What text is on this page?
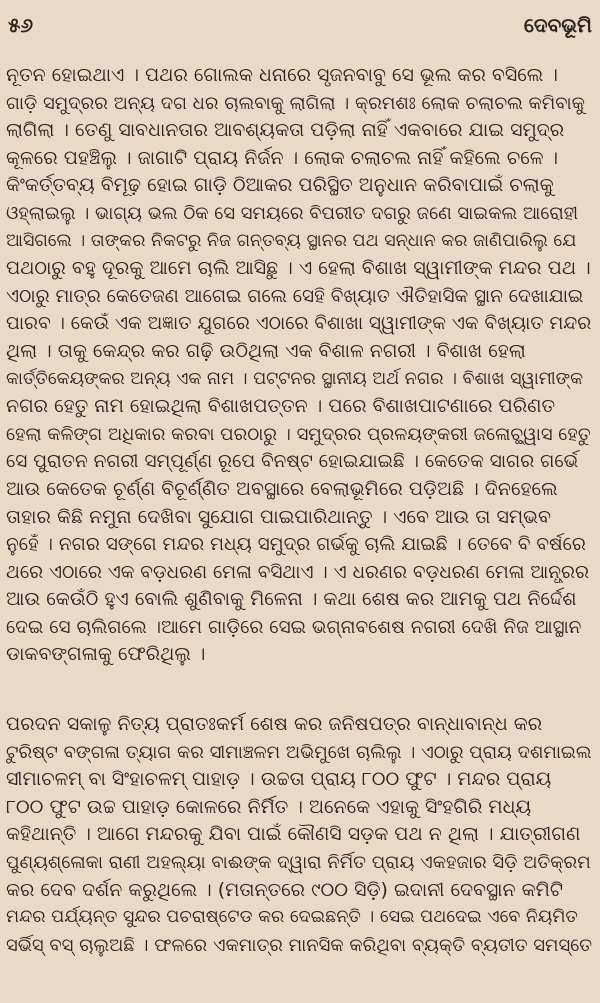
୫୬	ଦେବଭୂମି
ନୂତନ ହୋଇଥାଏ । ପଥର ଗୋଲକ ଧନାରେ ସୃଜନବାବୁ ସେ ଭୂଲ କର ବସିଲେ ।
ଗାଡ଼ି ସମୁଦ୍ରର ଅନ୍ୟ ଦଗ ଧର ଚାଲବାକୁ ଲାଗିଲା । କ୍ରମଶଃ ଲୋକ ଚଲାଚଲ କମିବାକୁ
ଲାଗିଲା । ତେଣୁ ସାବଧାନତାର ଆବଶ୍ୟକତା ପଡ଼ିଲା ନାହିଁ ଏକବାରେ ଯାଇ ସମୁଦ୍ର
କୂଳରେ ପହଞ୍ଚିଲୁ । ଜାଗାଟି ପ୍ରାୟ ନିର୍ଜନ । ଲୋକ ଚଲାଚଲ ନାହିଁ କହିଲେ ଚଳେ ।
କିଂକର୍ତ୍ତବ୍ୟ ବିମୂଢ଼ ହୋଇ ଗାଡ଼ି ଠିଆକର ପରିସ୍ଥିତ ଅନୁଧାନ କରିବାପାଇଁ ଚଲାକୁ
ଓହ୍ଲାଇଲୁ । ଭାଗ୍ୟ ଭଲ ଠିକ ସେ ସମୟରେ ବିପରୀତ ଦଗରୁ ଜଣେ ସାଇକଲ ଆରୋହୀ
ଆସିଗଲେ । ତାଙ୍କର ନିକଟରୁ ନିଜ ଗନ୍ତବ୍ୟ ସ୍ଥାନର ପଥ ସନ୍ଧାନ କର ଜାଣିପାରିଲୁ ଯେ
ପଥଠାରୁ ବହୁ ଦୂରକୁ ଆମେ ଚାଲି ଆସିଛୁ । ଏ ହେଲା ବିଶାଖ ସ୍ୱାମୀଙ୍କ ମନ୍ଦର ପଥ ।
ଏଠାରୁ ମାତ୍ର କେତେଜଣ ଆଗେଇ ଗଲେ ସେହି ବିଖ୍ୟାତ ଐତିହାସିକ ସ୍ଥାନ ଦେଖାଯାଇ
ପାରବ । କେଉଁ ଏକ ଅଜ୍ଞାତ ଯୁଗରେ ଏଠାରେ ବିଶାଖା ସ୍ୱାମୀଙ୍କ ଏକ ବିଖ୍ୟାତ ମନ୍ଦର
ଥିଲା । ତାକୁ କେନ୍ଦ୍ର କର ଗଢ଼ି ଉଠିଥିଲା ଏକ ବିଶାଳ ନଗରୀ । ବିଶାଖ ହେଲା
କାର୍ତ୍ତିକେୟଙ୍କର ଅନ୍ୟ ଏକ ନାମ । ପଟ୍ଟନର ସ୍ଥାନୀୟ ଅର୍ଥ ନଗର । ବିଶାଖ ସ୍ୱାମୀଙ୍କ
ନଗର ହେତୁ ନାମ ହୋଇଥିଲା ବିଶାଖପତ୍ତନ । ପରେ ବିଶାଖପାଟଣାରେ ପରିଣତ
ହେଲା କଳିଙ୍ଗ ଅଧିକାର କରବା ପରଠାରୁ । ସମୁଦ୍ରର ପ୍ରଳୟଙ୍କରୀ ଜଳୋଚ୍ଛ୍ୱାସ ହେତୁ
ସେ ପୁରାତନ ନଗରୀ ସମ୍ପୂର୍ଣ୍ଣ ରୂପେ ବିନଷ୍ଟ ହୋଇଯାଇଛି । କେତେକ ସାଗର ଗର୍ଭେ
ଆଉ କେତେକ ଚୂର୍ଣ୍ଣ ବିଚୂର୍ଣ୍ଣିତ ଅବସ୍ଥାରେ ବେଲାଭୂମିରେ ପଡ଼ିଅଛି । ଦିନହେଲେ
ତାହାର କିଛି ନମୁନା ଦେଖିବା ସୁଯୋଗ ପାଇପାରିଥାନ୍ତୁ । ଏବେ ଆଉ ତା ସମ୍ଭବ
ନୁହେଁ । ନଗର ସଙ୍ଗେ ମନ୍ଦର ମଧ୍ୟ ସମୁଦ୍ର ଗର୍ଭକୁ ଚାଲି ଯାଇଛି । ତେବେ ବି ବର୍ଷରେ
ଥରେ ଏଠାରେ ଏକ ବଡ଼ଧରଣ ମେଳା ବସିଥାଏ । ଏ ଧରଣର ବଡ଼ଧରଣ ମେଳା ଆନ୍ଧ୍ରର
ଆଉ କେଉଁଠି ହୁଏ ବୋଲି ଶୁଣିବାକୁ ମିଳେନା । କଥା ଶେଷ କର ଆମକୁ ପଥ ନିର୍ଦ୍ଦେଶ
ଦେଇ ସେ ଚାଲିଗଲେ ।ଆମେ ଗାଡ଼ିରେ ସେଇ ଭଗ୍ନାବଶେଷ ନଗରୀ ଦେଖି ନିଜ ଆସ୍ଥାନ
ଡାକବଙ୍ଗଳାକୁ ଫେରିଥିଲୁ ।
ପରଦନ ସକାଳୁ ନିତ୍ୟ ପ୍ରାତଃକର୍ମ ଶେଷ କର ଜନିଷପତ୍ର ବାନ୍ଧାବାନ୍ଧ କର
ଟୁରିଷ୍ଟ ବଙ୍ଗଳା ତ୍ୟାଗ କର ସୀମାଞ୍ଚଳମ ଅଭିମୁଖେ ଚାଲିଲୁ । ଏଠାରୁ ପ୍ରାୟ ଦଶମାଇଲ
ସୀମାଚଳମ୍ ବା ସିଂହାଚଳମ୍ ପାହାଡ଼ । ଉଚ୍ଚତା ପ୍ରାୟ ୮୦୦ ଫୁଟ । ମନ୍ଦର ପ୍ରାୟ
୮୦୦ ଫୁଟ ଉଚ୍ଚ ପାହାଡ଼ କୋଳରେ ନିର୍ମିତ । ଅନେକେ ଏହାକୁ ସିଂହଗିରି ମଧ୍ୟ
କହିଥାନ୍ତି । ଆଗେ ମନ୍ଦରକୁ ଯିବା ପାଇଁ କୌଣସି ସଡ଼କ ପଥ ନ ଥିଲା । ଯାତ୍ରୀଗଣ
ପୁଣ୍ୟଶ୍ଳୋକା ରାଣୀ ଅହଲ୍ୟା ବାଈଙ୍କ ଦ୍ୱାରା ନିର୍ମିତ ପ୍ରାୟ ଏକହଜାର ସିଡ଼ି ଅତିକ୍ରମ
କର ଦେବ ଦର୍ଶନ କରୁଥିଲେ । (ମତାନ୍ତରେ ୯୦୦ ସିଡ଼ି) ଇଦାନୀ ଦେବସ୍ଥାନ କମିଟି
ମନ୍ଦର ପର୍ଯ୍ୟନ୍ତ ସୁନ୍ଦର ପଚରାଷ୍ଟେଡ କର ଦେଇଛନ୍ତି । ସେଇ ପଥଦେଇ ଏବେ ନିୟମିତ
ସର୍ଭିସ୍ ବସ୍ ଚାଲୁଅଛି । ଫଳରେ ଏକମାତ୍ର ମାନସିକ କରିଥିବା ବ୍ୟକ୍ତି ବ୍ୟତୀତ ସମସ୍ତେ
